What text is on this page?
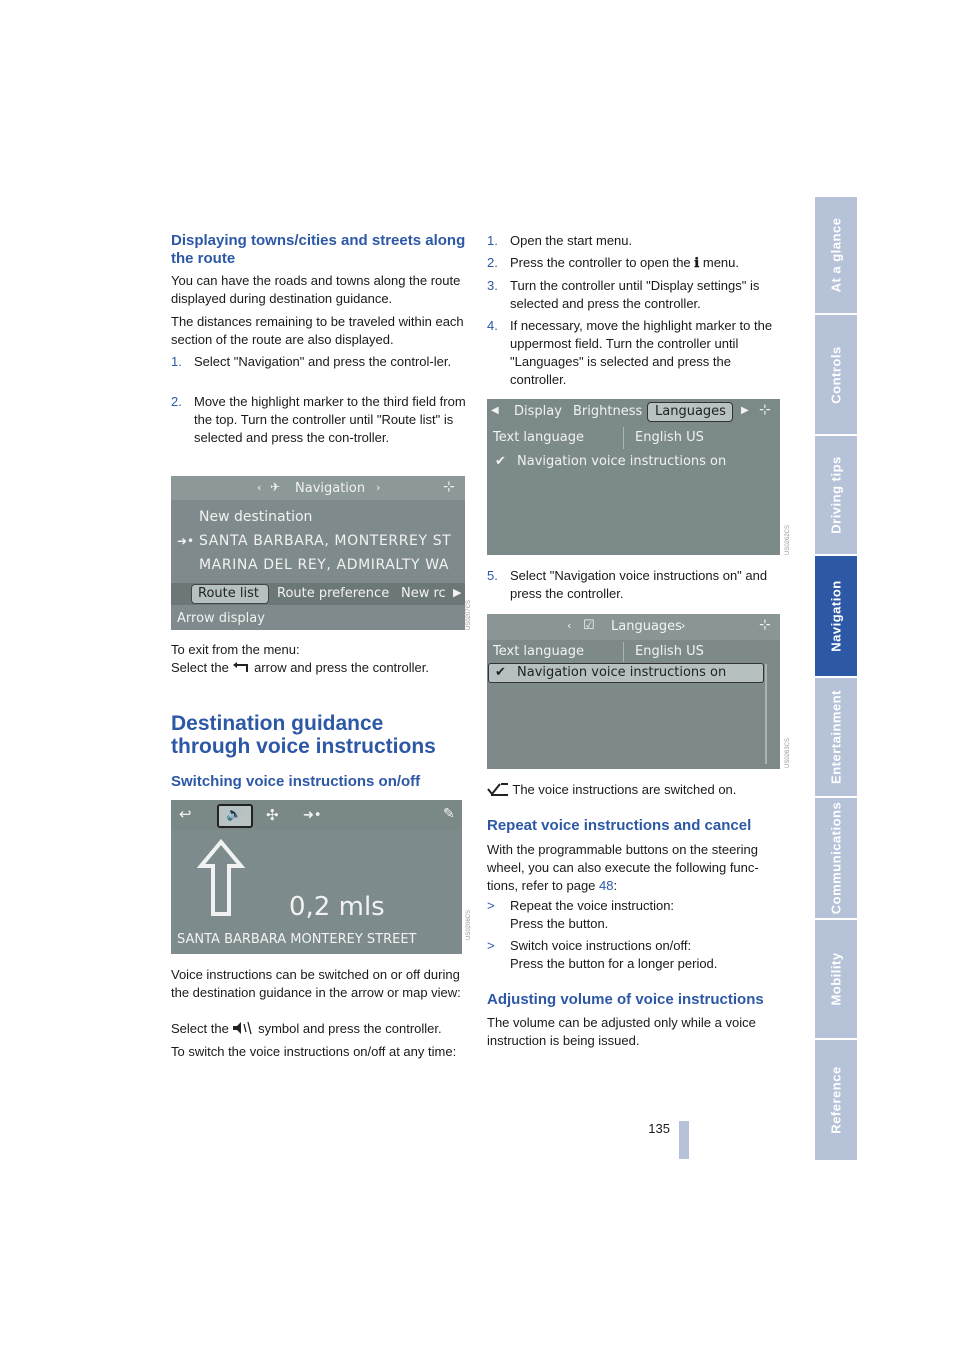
At a glance
Controls
Driving tips
Navigation
Entertainment
Communications
Mobility
Reference
Displaying towns/cities and streets along the route

You can have the roads and towns along the route displayed during destination guidance.

The distances remaining to be traveled within each section of the route are also displayed.

1. Select "Navigation" and press the control-ler.
2. Move the highlight marker to the third field from the top. Turn the controller until "Route list" is selected and press the con-troller.
‹ ✈ Navigation ›	⊹
New destination
➜• SANTA BARBARA, MONTERREY ST
MARINA DEL REY, ADMIRALTY WA
Route list Route preference New rc ▶
Arrow display	US0207CS

To exit from the menu:
Select the arrow and press the controller.

Destination guidance through voice instructions
Switching voice instructions on/off
↩	🔊 ✣ ➜•	✎
0,2 mls
SANTA BARBARA MONTEREY STREET	US0206CS

Voice instructions can be switched on or off during the destination guidance in the arrow or map view:

Select the symbol and press the controller.

To switch the voice instructions on/off at any time:

1. Open the start menu.
2. Press the controller to open the ℹ menu.
3. Turn the controller until "Display settings" is selected and press the controller.
4. If necessary, move the highlight marker to the uppermost field. Turn the controller until "Languages" is selected and press the controller.
◀ Display Brightness Languages ▶ ⊹
Text language	English US
✔ Navigation voice instructions on
US0262CS
5. Select "Navigation voice instructions on" and press the controller.
‹ ☑ Languages ›	⊹
Text language	English US
✔ Navigation voice instructions on
US0263CS

The voice instructions are switched on.

Repeat voice instructions and cancel

With the programmable buttons on the steering wheel, you can also execute the following func-tions, refer to page 48:

> Repeat the voice instruction:
Press the button.
> Switch voice instructions on/off:
Press the button for a longer period.
Adjusting volume of voice instructions

The volume can be adjusted only while a voice instruction is being issued.

135
